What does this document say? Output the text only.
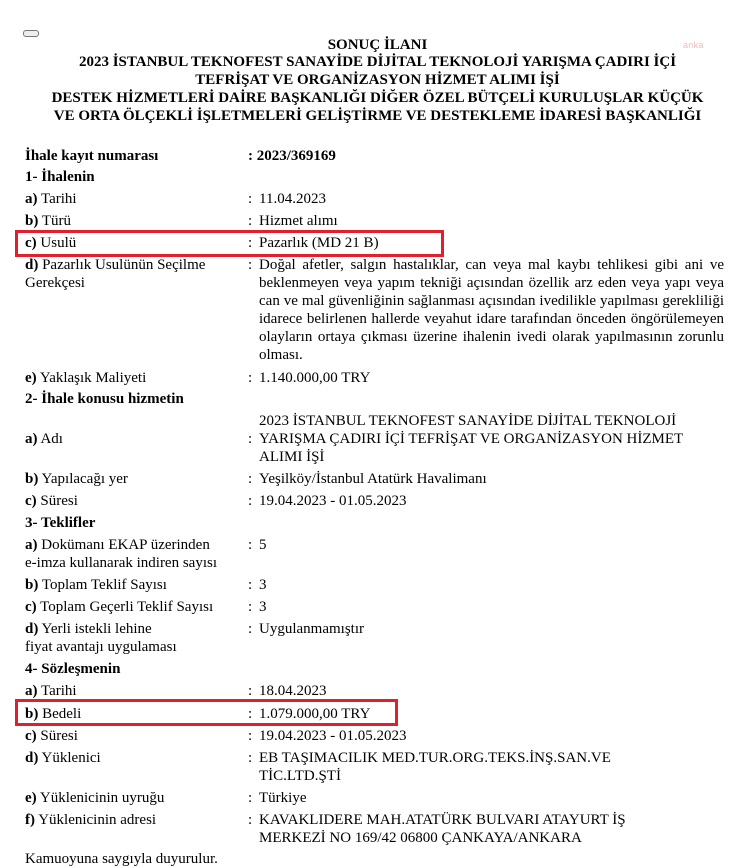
anka
SONUÇ İLANI
2023 İSTANBUL TEKNOFEST SANAYİDE DİJİTAL TEKNOLOJİ YARIŞMA ÇADIRI İÇİ
TEFRİŞAT VE ORGANİZASYON HİZMET ALIMI İŞİ
DESTEK HİZMETLERİ DAİRE BAŞKANLIĞI DİĞER ÖZEL BÜTÇELİ KURULUŞLAR KÜÇÜK
VE ORTA ÖLÇEKLİ İŞLETMELERİ GELİŞTİRME VE DESTEKLEME İDARESİ BAŞKANLIĞI
İhale kayıt numarası	: 2023/369169
1- İhalenin
a) Tarihi	: 11.04.2023
b) Türü	: Hizmet alımı
c) Usulü	: Pazarlık (MD 21 B)
d) Pazarlık Usulünün Seçilme
Gerekçesi
: Doğal afetler, salgın hastalıklar, can veya mal kaybı tehlikesi gibi ani ve beklenmeyen veya yapım tekniği açısından özellik arz eden veya yapı veya can ve mal güvenliğinin sağlanması açısından ivedilikle yapılması gerekliliği idarece belirlenen hallerde veyahut idare tarafından önceden öngörülemeyen olayların ortaya çıkması üzerine ihalenin ivedi olarak yapılmasının zorunlu olması.
e) Yaklaşık Maliyeti	: 1.140.000,00 TRY
2- İhale konusu hizmetin
2023 İSTANBUL TEKNOFEST SANAYİDE DİJİTAL TEKNOLOJİ
a) Adı	: YARIŞMA ÇADIRI İÇİ TEFRİŞAT VE ORGANİZASYON HİZMET
ALIMI İŞİ
b) Yapılacağı yer	: Yeşilköy/İstanbul Atatürk Havalimanı
c) Süresi	: 19.04.2023 - 01.05.2023
3- Teklifler
a) Dokümanı EKAP üzerinden
e-imza kullanarak indiren sayısı
: 5
b) Toplam Teklif Sayısı	: 3
c) Toplam Geçerli Teklif Sayısı : 3
d) Yerli istekli lehine
fiyat avantajı uygulaması
: Uygulanmamıştır
4- Sözleşmenin
a) Tarihi	: 18.04.2023
b) Bedeli	: 1.079.000,00 TRY
c) Süresi	: 19.04.2023 - 01.05.2023
d) Yüklenici	: EB TAŞIMACILIK MED.TUR.ORG.TEKS.İNŞ.SAN.VE
TİC.LTD.ŞTİ
e) Yüklenicinin uyruğu	: Türkiye
f) Yüklenicinin adresi	: KAVAKLIDERE MAH.ATATÜRK BULVARI ATAYURT İŞ
MERKEZİ NO 169/42 06800 ÇANKAYA/ANKARA
Kamuoyuna saygıyla duyurulur.
